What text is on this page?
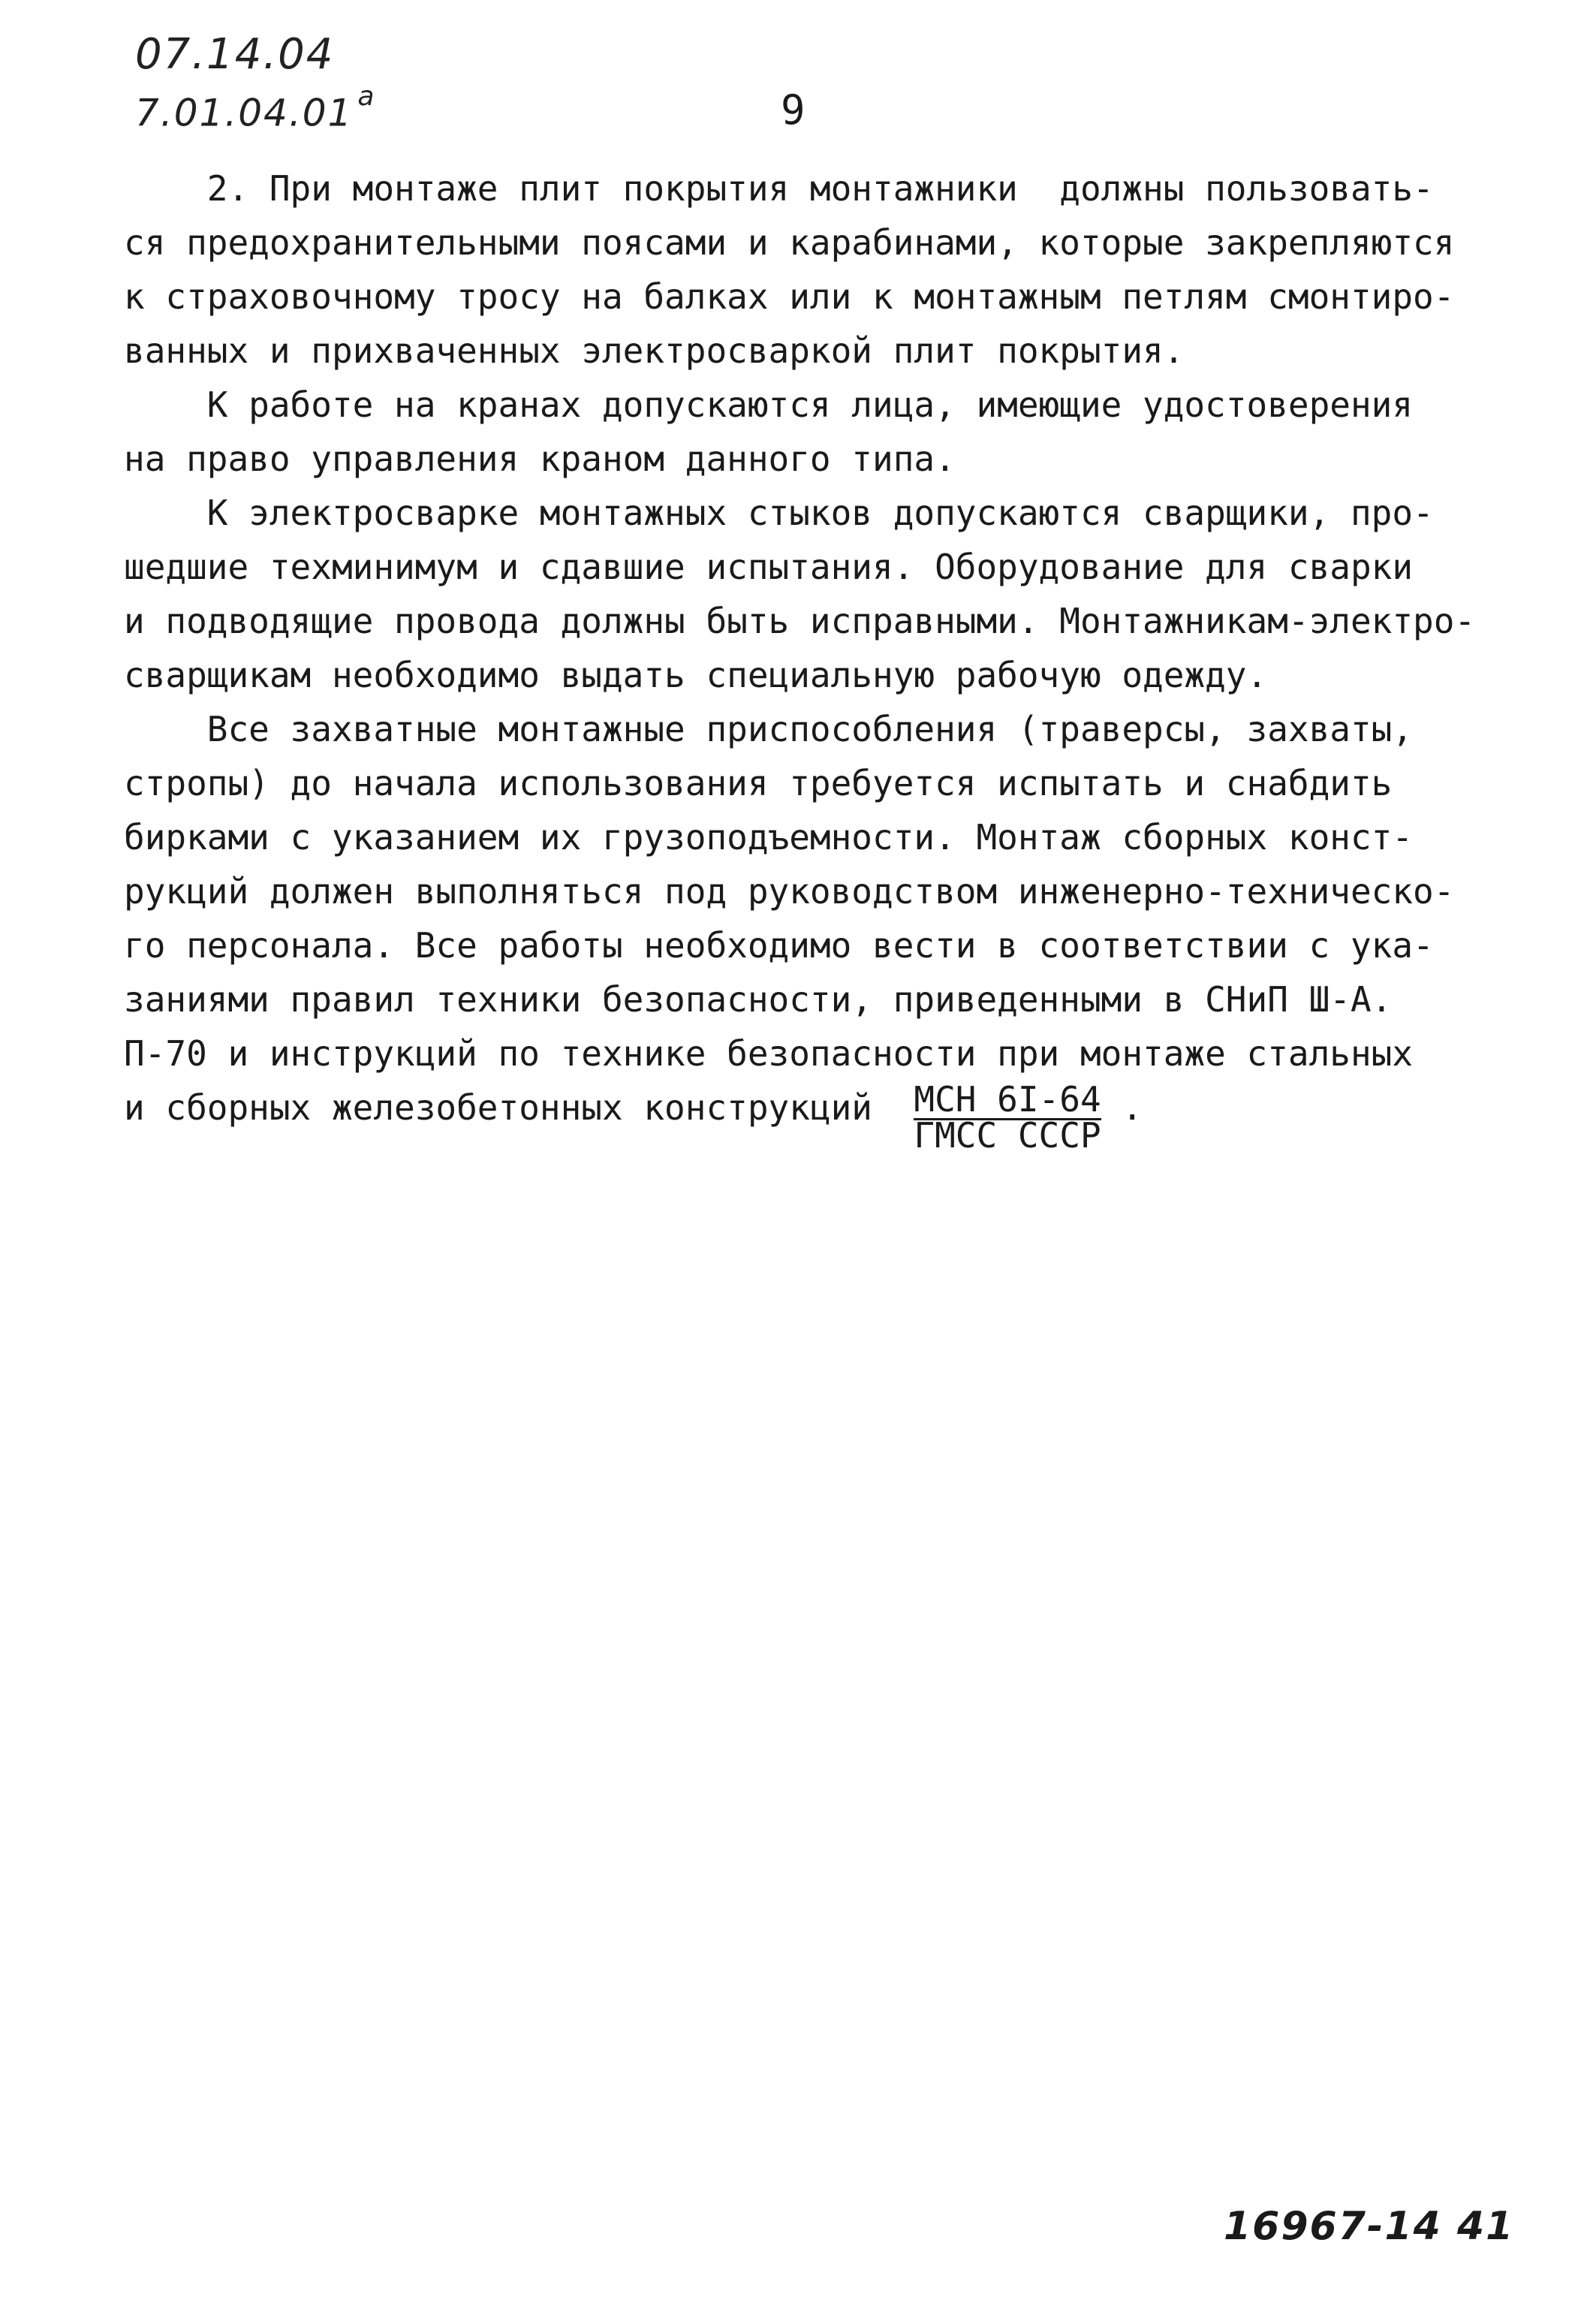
07.14.04
7.01.04.01 $^a$	9
2. При монтаже плит покрытия монтажники  должны пользовать-
ся предохранительными поясами и карабинами, которые закрепляются
к страховочному тросу на балках или к монтажным петлям смонтиро-
ванных и прихваченных электросваркой плит покрытия.
К работе на кранах допускаются лица, имеющие удостоверения
на право управления краном данного типа.
К электросварке монтажных стыков допускаются сварщики, про-
шедшие техминимум и сдавшие испытания. Оборудование для сварки
и подводящие провода должны быть исправными. Монтажникам-электро-
сварщикам необходимо выдать специальную рабочую одежду.
Все захватные монтажные приспособления (траверсы, захваты,
стропы) до начала использования требуется испытать и снабдить
бирками с указанием их грузоподъемности. Монтаж сборных конст-
рукций должен выполняться под руководством инженерно-техническо-
го персонала. Все работы необходимо вести в соответствии с ука-
заниями правил техники безопасности, приведенными в СНиП Ш-А.
П-70 и инструкций по технике безопасности при монтаже стальных
и сборных железобетонных конструкций $\frac{\text{МСН 6I-64}}{\text{ГМСС СССР}}$ .
16967-14 41
